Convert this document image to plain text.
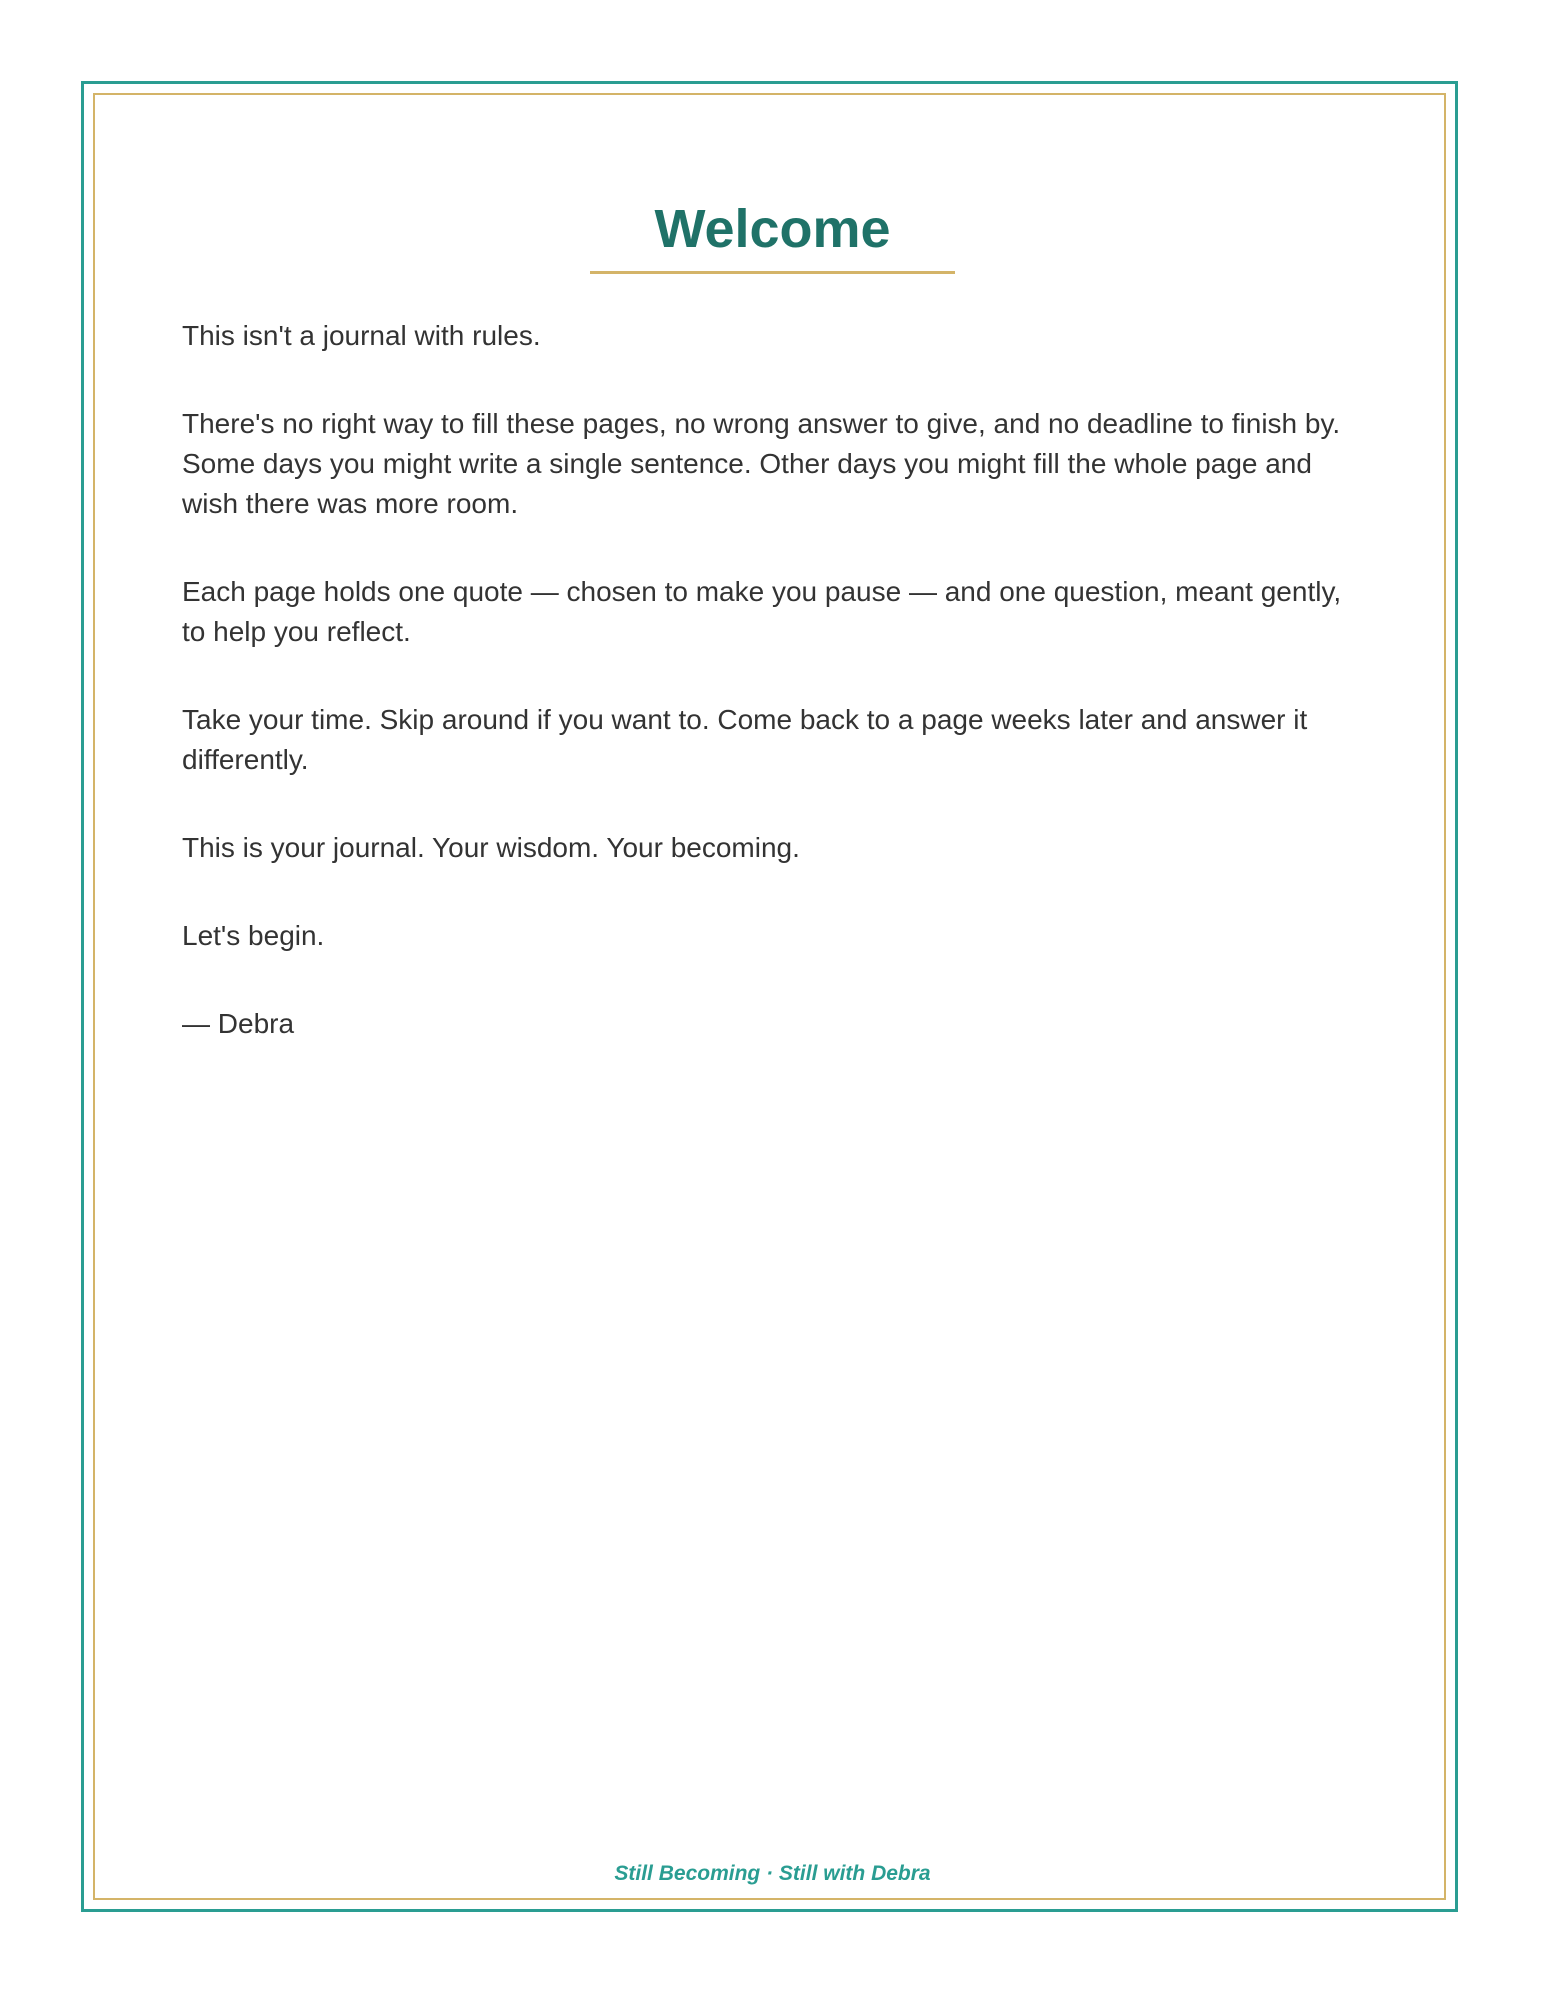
Welcome

This isn't a journal with rules.

There's no right way to fill these pages, no wrong answer to give, and no deadline to finish by. Some days you might write a single sentence. Other days you might fill the whole page and wish there was more room.

Each page holds one quote — chosen to make you pause — and one question, meant gently, to help you reflect.

Take your time. Skip around if you want to. Come back to a page weeks later and answer it differently.

This is your journal. Your wisdom. Your becoming.

Let's begin.

— Debra

Still Becoming · Still with Debra
